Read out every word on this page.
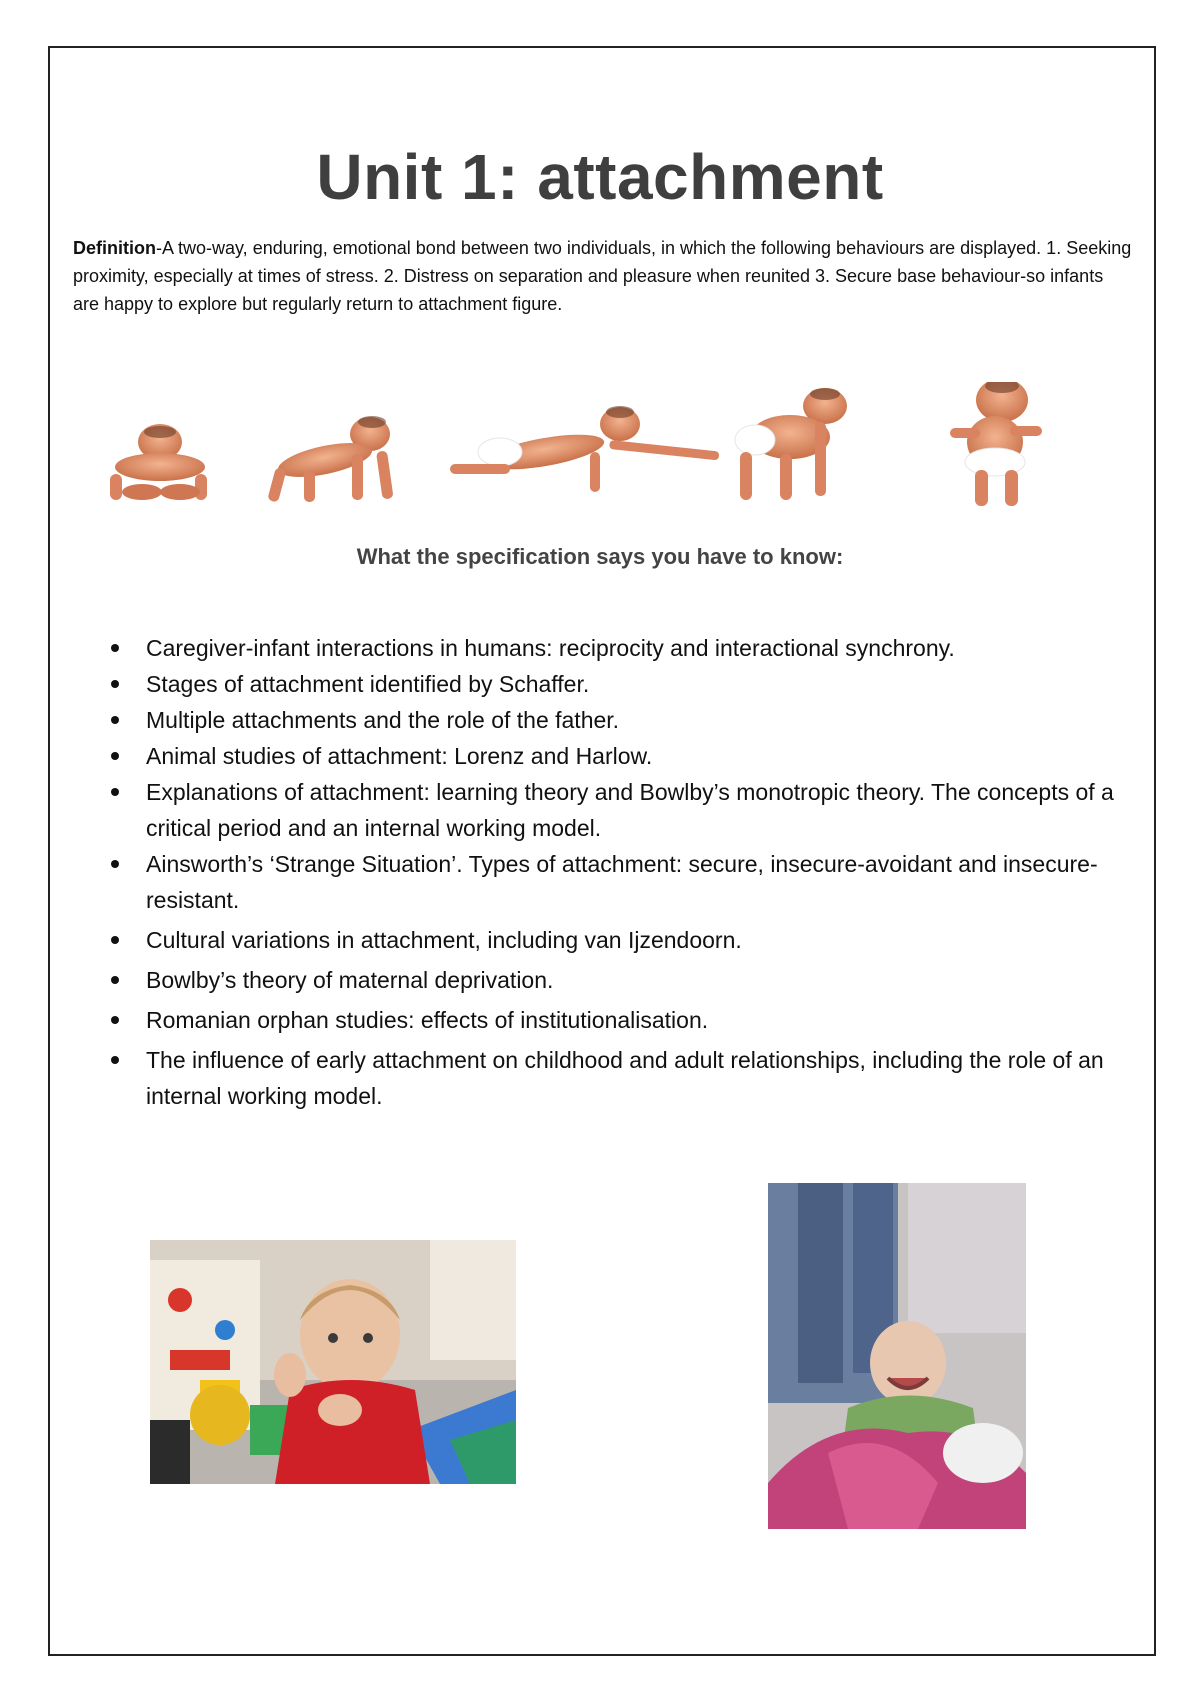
Unit 1: attachment

Definition-A two-way, enduring, emotional bond between two individuals, in which the following behaviours are displayed. 1. Seeking proximity, especially at times of stress. 2. Distress on separation and pleasure when reunited 3. Secure base behaviour-so infants are happy to explore but regularly return to attachment figure.

What the specification says you have to know:
Caregiver-infant interactions in humans: reciprocity and interactional synchrony.
Stages of attachment identified by Schaffer.
Multiple attachments and the role of the father.
Animal studies of attachment: Lorenz and Harlow.
Explanations of attachment: learning theory and Bowlby’s monotropic theory. The concepts of a critical period and an internal working model.
Ainsworth’s ‘Strange Situation’. Types of attachment: secure, insecure-avoidant and insecure-resistant.
Cultural variations in attachment, including van Ijzendoorn.
Bowlby’s theory of maternal deprivation.
Romanian orphan studies: effects of institutionalisation.
The influence of early attachment on childhood and adult relationships, including the role of an internal working model.
